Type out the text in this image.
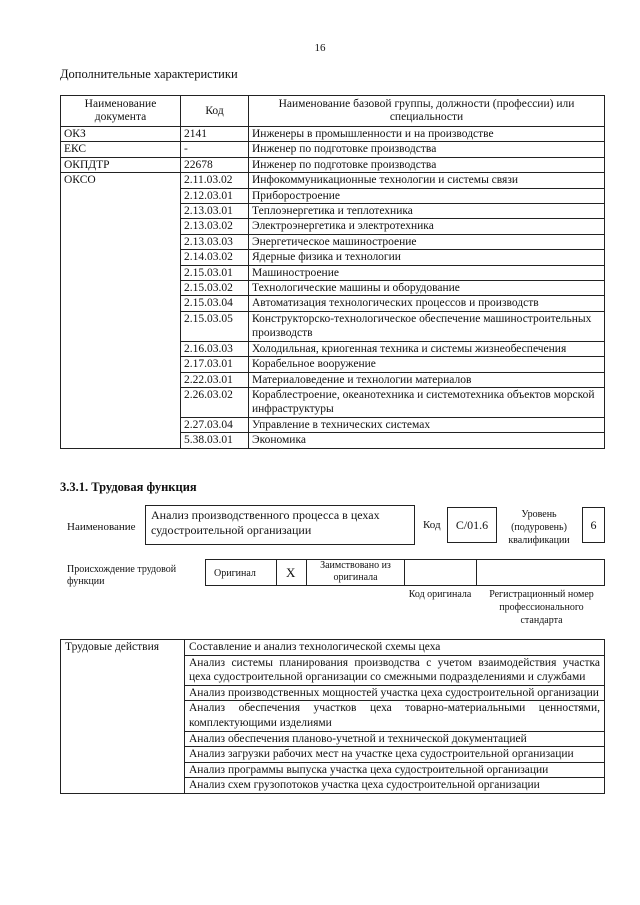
16
Дополнительные характеристики
Наименование документа	Код	Наименование базовой группы, должности (профессии) или специальности
ОКЗ	2141	Инженеры в промышленности и на производстве
ЕКС	-	Инженер по подготовке производства
ОКПДТР	22678	Инженер по подготовке производства
ОКСО	2.11.03.02	Инфокоммуникационные технологии и системы связи
	2.12.03.01	Приборостроение
	2.13.03.01	Теплоэнергетика и теплотехника
	2.13.03.02	Электроэнергетика и электротехника
	2.13.03.03	Энергетическое машиностроение
	2.14.03.02	Ядерные физика и технологии
	2.15.03.01	Машиностроение
	2.15.03.02	Технологические машины и оборудование
	2.15.03.04	Автоматизация технологических процессов и производств
	2.15.03.05	Конструкторско-технологическое обеспечение машиностроительных производств
	2.16.03.03	Холодильная, криогенная техника и системы жизнеобеспечения
	2.17.03.01	Корабельное вооружение
	2.22.03.01	Материаловедение и технологии материалов
	2.26.03.02	Кораблестроение, океанотехника и системотехника объектов морской инфраструктуры
	2.27.03.04	Управление в технических системах
	5.38.03.01	Экономика
3.3.1. Трудовая функция
Наименование
Анализ производственного процесса в цехах судостроительной организации	Код С/01.6
Уровень (подуровень) квалификации
6
Происхождение трудовой функции
Оригинал X	Заимствовано из оригинала
Код оригинала	Регистрационный номер профессионального стандарта
Трудовые действия	Составление и анализ технологической схемы цеха
Анализ системы планирования производства с учетом взаимодействия участка цеха судостроительной организации со смежными подразделениями и службами
Анализ производственных мощностей участка цеха судостроительной организации
Анализ обеспечения участков цеха товарно-материальными ценностями, комплектующими изделиями
Анализ обеспечения планово-учетной и технической документацией
Анализ загрузки рабочих мест на участке цеха судостроительной организации
Анализ программы выпуска участка цеха судостроительной организации
Анализ схем грузопотоков участка цеха судостроительной организации
